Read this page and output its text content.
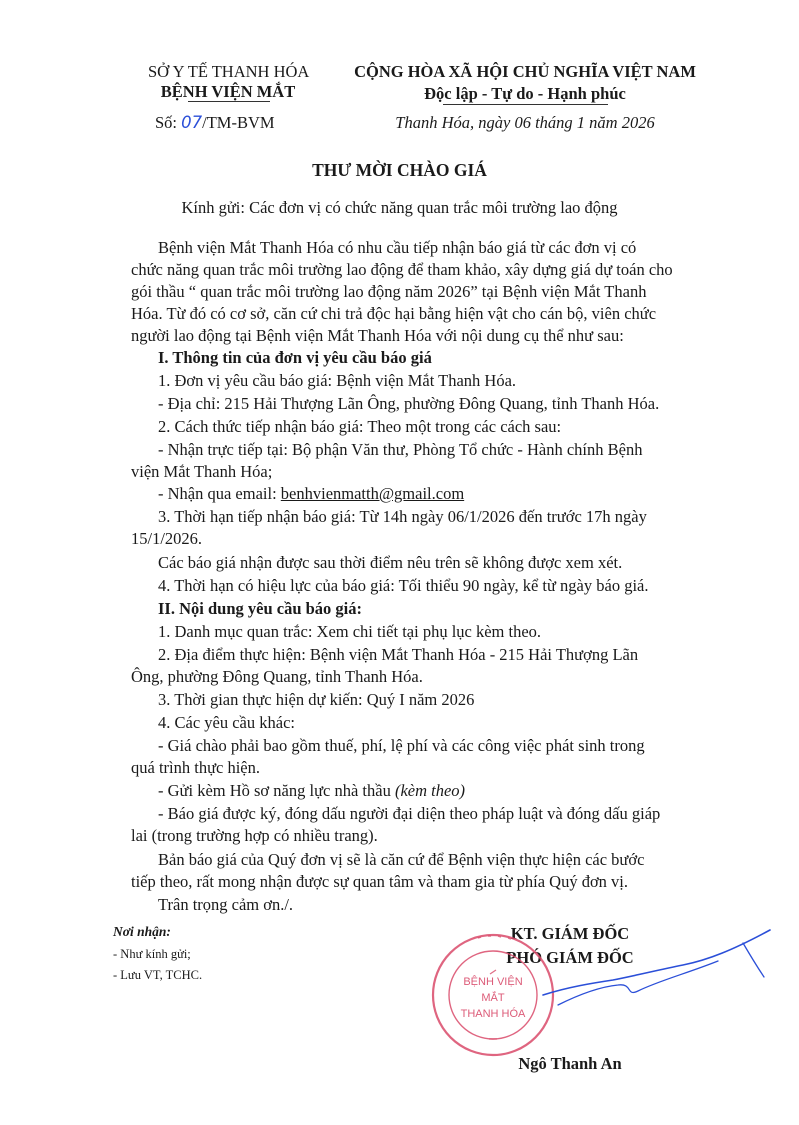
SỞ Y TẾ THANH HÓA
BỆNH VIỆN MẮT
Số: 07/TM-BVM
CỘNG HÒA XÃ HỘI CHỦ NGHĨA VIỆT NAM
Độc lập - Tự do - Hạnh phúc
Thanh Hóa, ngày 06 tháng 1 năm 2026
THƯ MỜI CHÀO GIÁ
Kính gửi: Các đơn vị có chức năng quan trắc môi trường lao động
Bệnh viện Mắt Thanh Hóa có nhu cầu tiếp nhận báo giá từ các đơn vị có
chức năng quan trắc môi trường lao động để tham khảo, xây dựng giá dự toán cho
gói thầu “ quan trắc môi trường lao động năm 2026” tại Bệnh viện Mắt Thanh
Hóa. Từ đó có cơ sở, căn cứ chi trả độc hại bằng hiện vật cho cán bộ, viên chức
người lao động tại Bệnh viện Mắt Thanh Hóa với nội dung cụ thể như sau:
I. Thông tin của đơn vị yêu cầu báo giá
1. Đơn vị yêu cầu báo giá: Bệnh viện Mắt Thanh Hóa.
- Địa chỉ: 215 Hải Thượng Lãn Ông, phường Đông Quang, tỉnh Thanh Hóa.
2. Cách thức tiếp nhận báo giá: Theo một trong các cách sau:
- Nhận trực tiếp tại: Bộ phận Văn thư, Phòng Tổ chức - Hành chính Bệnh
viện Mắt Thanh Hóa;
- Nhận qua email: benhvienmatth@gmail.com
3. Thời hạn tiếp nhận báo giá: Từ 14h ngày 06/1/2026 đến trước 17h ngày
15/1/2026.
Các báo giá nhận được sau thời điểm nêu trên sẽ không được xem xét.
4. Thời hạn có hiệu lực của báo giá: Tối thiểu 90 ngày, kể từ ngày báo giá.
II. Nội dung yêu cầu báo giá:
1. Danh mục quan trắc: Xem chi tiết tại phụ lục kèm theo.
2. Địa điểm thực hiện: Bệnh viện Mắt Thanh Hóa - 215 Hải Thượng Lãn
Ông, phường Đông Quang, tỉnh Thanh Hóa.
3. Thời gian thực hiện dự kiến: Quý I năm 2026
4. Các yêu cầu khác:
- Giá chào phải bao gồm thuế, phí, lệ phí và các công việc phát sinh trong
quá trình thực hiện.
- Gửi kèm Hồ sơ năng lực nhà thầu (kèm theo)
- Báo giá được ký, đóng dấu người đại diện theo pháp luật và đóng dấu giáp
lai (trong trường hợp có nhiều trang).
Bản báo giá của Quý đơn vị sẽ là căn cứ để Bệnh viện thực hiện các bước
tiếp theo, rất mong nhận được sự quan tâm và tham gia từ phía Quý đơn vị.
Trân trọng cảm ơn./.
Nơi nhận:
- Như kính gửi;
- Lưu VT, TCHC.
KT. GIÁM ĐỐC
PHÓ GIÁM ĐỐC
BỆNH VIỆN
MẮT
THANH HÓA
Ngô Thanh An
